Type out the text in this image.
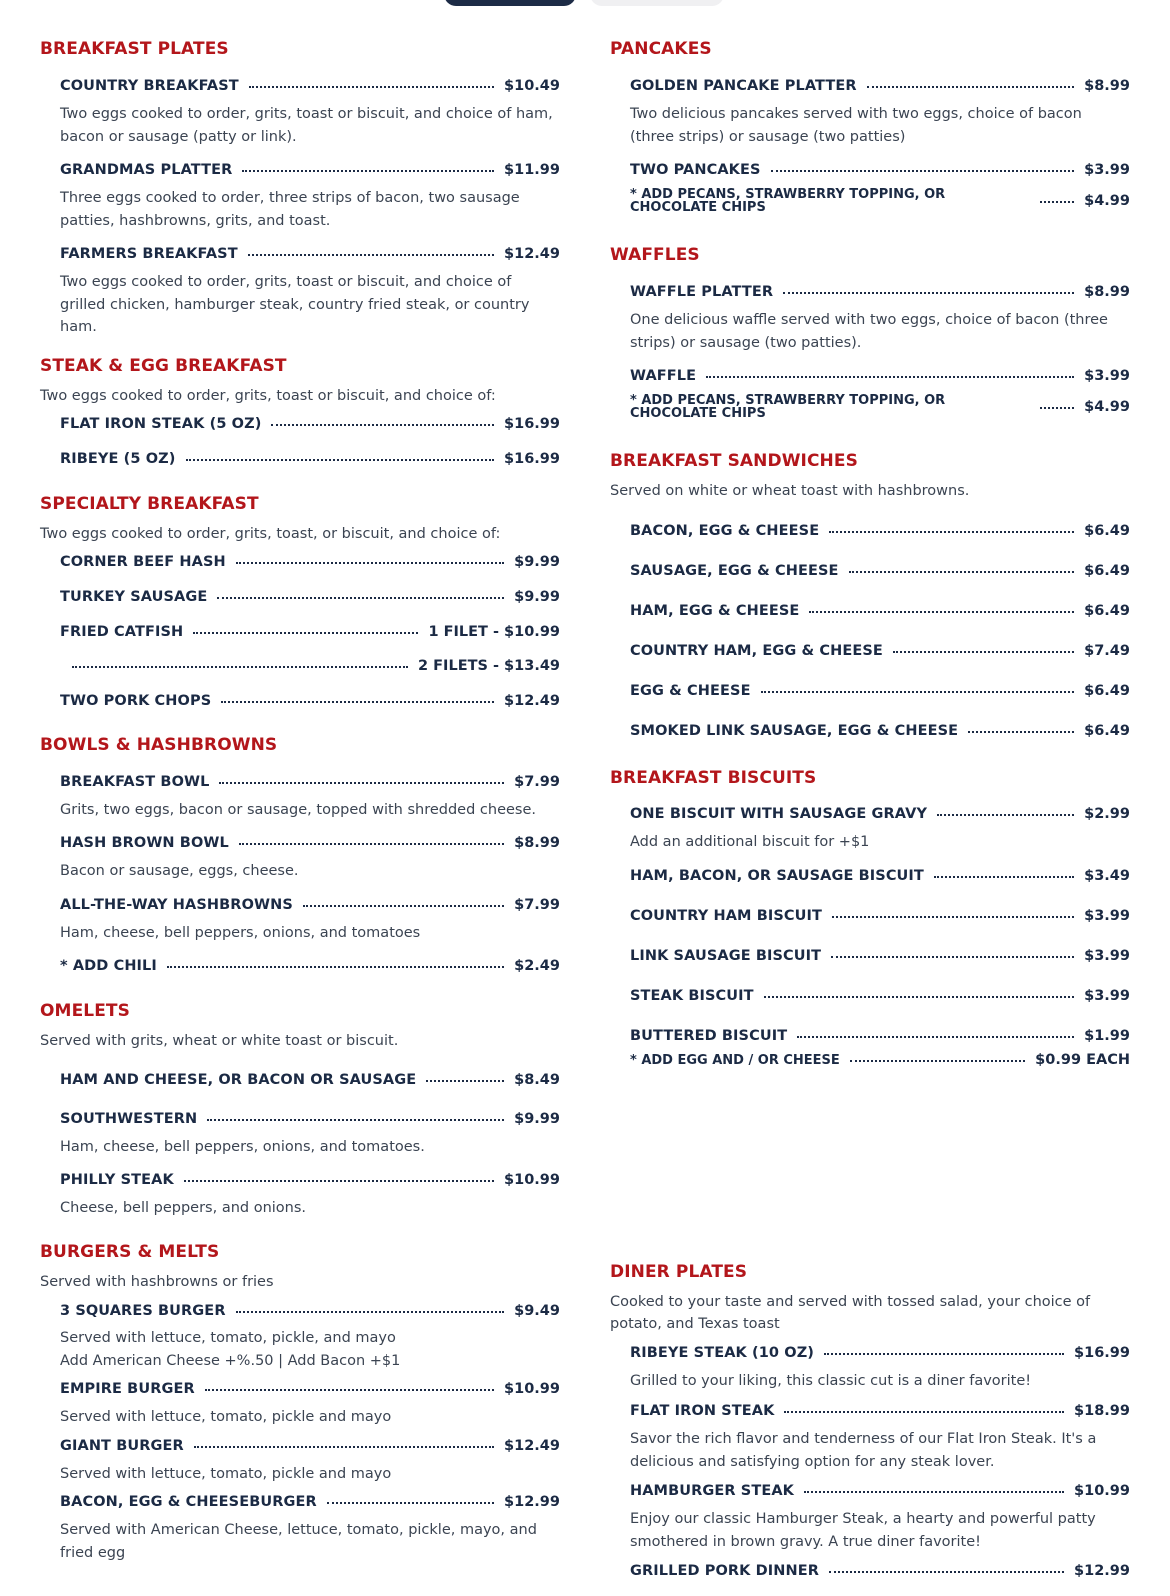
BREAKFAST PLATES
COUNTRY BREAKFAST	$10.49

Two eggs cooked to order, grits, toast or biscuit, and choice of ham, bacon or sausage (patty or link).

GRANDMAS PLATTER	$11.99

Three eggs cooked to order, three strips of bacon, two sausage patties, hashbrowns, grits, and toast.

FARMERS BREAKFAST	$12.49

Two eggs cooked to order, grits, toast or biscuit, and choice of grilled chicken, hamburger steak, country fried steak, or country ham.

STEAK & EGG BREAKFAST

Two eggs cooked to order, grits, toast or biscuit, and choice of:

FLAT IRON STEAK (5 OZ)	$16.99
RIBEYE (5 OZ)	$16.99
SPECIALTY BREAKFAST

Two eggs cooked to order, grits, toast, or biscuit, and choice of:

CORNER BEEF HASH	$9.99
TURKEY SAUSAGE	$9.99
FRIED CATFISH	1 FILET - $10.99
2 FILETS - $13.49
TWO PORK CHOPS	$12.49
BOWLS & HASHBROWNS
BREAKFAST BOWL	$7.99

Grits, two eggs, bacon or sausage, topped with shredded cheese.

HASH BROWN BOWL	$8.99

Bacon or sausage, eggs, cheese.

ALL-THE-WAY HASHBROWNS	$7.99

Ham, cheese, bell peppers, onions, and tomatoes

* ADD CHILI	$2.49
OMELETS

Served with grits, wheat or white toast or biscuit.

HAM AND CHEESE, OR BACON OR SAUSAGE	$8.49
SOUTHWESTERN	$9.99

Ham, cheese, bell peppers, onions, and tomatoes.

PHILLY STEAK	$10.99

Cheese, bell peppers, and onions.

BURGERS & MELTS

Served with hashbrowns or fries

3 SQUARES BURGER	$9.49

Served with lettuce, tomato, pickle, and mayo

Add American Cheese +%.50 | Add Bacon +$1

EMPIRE BURGER	$10.99

Served with lettuce, tomato, pickle and mayo

GIANT BURGER	$12.49

Served with lettuce, tomato, pickle and mayo

BACON, EGG & CHEESEBURGER	$12.99

Served with American Cheese, lettuce, tomato, pickle, mayo, and fried egg

PANCAKES
GOLDEN PANCAKE PLATTER	$8.99

Two delicious pancakes served with two eggs, choice of bacon (three strips) or sausage (two patties)

TWO PANCAKES	$3.99
* ADD PECANS, STRAWBERRY TOPPING, OR CHOCOLATE CHIPS	$4.99
WAFFLES
WAFFLE PLATTER	$8.99

One delicious waffle served with two eggs, choice of bacon (three strips) or sausage (two patties).

WAFFLE	$3.99
* ADD PECANS, STRAWBERRY TOPPING, OR CHOCOLATE CHIPS	$4.99
BREAKFAST SANDWICHES

Served on white or wheat toast with hashbrowns.

BACON, EGG & CHEESE	$6.49
SAUSAGE, EGG & CHEESE	$6.49
HAM, EGG & CHEESE	$6.49
COUNTRY HAM, EGG & CHEESE	$7.49
EGG & CHEESE	$6.49
SMOKED LINK SAUSAGE, EGG & CHEESE	$6.49
BREAKFAST BISCUITS
ONE BISCUIT WITH SAUSAGE GRAVY	$2.99

Add an additional biscuit for +$1

HAM, BACON, OR SAUSAGE BISCUIT	$3.49
COUNTRY HAM BISCUIT	$3.99
LINK SAUSAGE BISCUIT	$3.99
STEAK BISCUIT	$3.99
BUTTERED BISCUIT	$1.99
* ADD EGG AND / OR CHEESE	$0.99 EACH
DINER PLATES

Cooked to your taste and served with tossed salad, your choice of potato, and Texas toast

RIBEYE STEAK (10 OZ)	$16.99

Grilled to your liking, this classic cut is a diner favorite!

FLAT IRON STEAK	$18.99

Savor the rich flavor and tenderness of our Flat Iron Steak. It's a delicious and satisfying option for any steak lover.

HAMBURGER STEAK	$10.99

Enjoy our classic Hamburger Steak, a hearty and powerful patty smothered in brown gravy. A true diner favorite!

GRILLED PORK DINNER	$12.99
